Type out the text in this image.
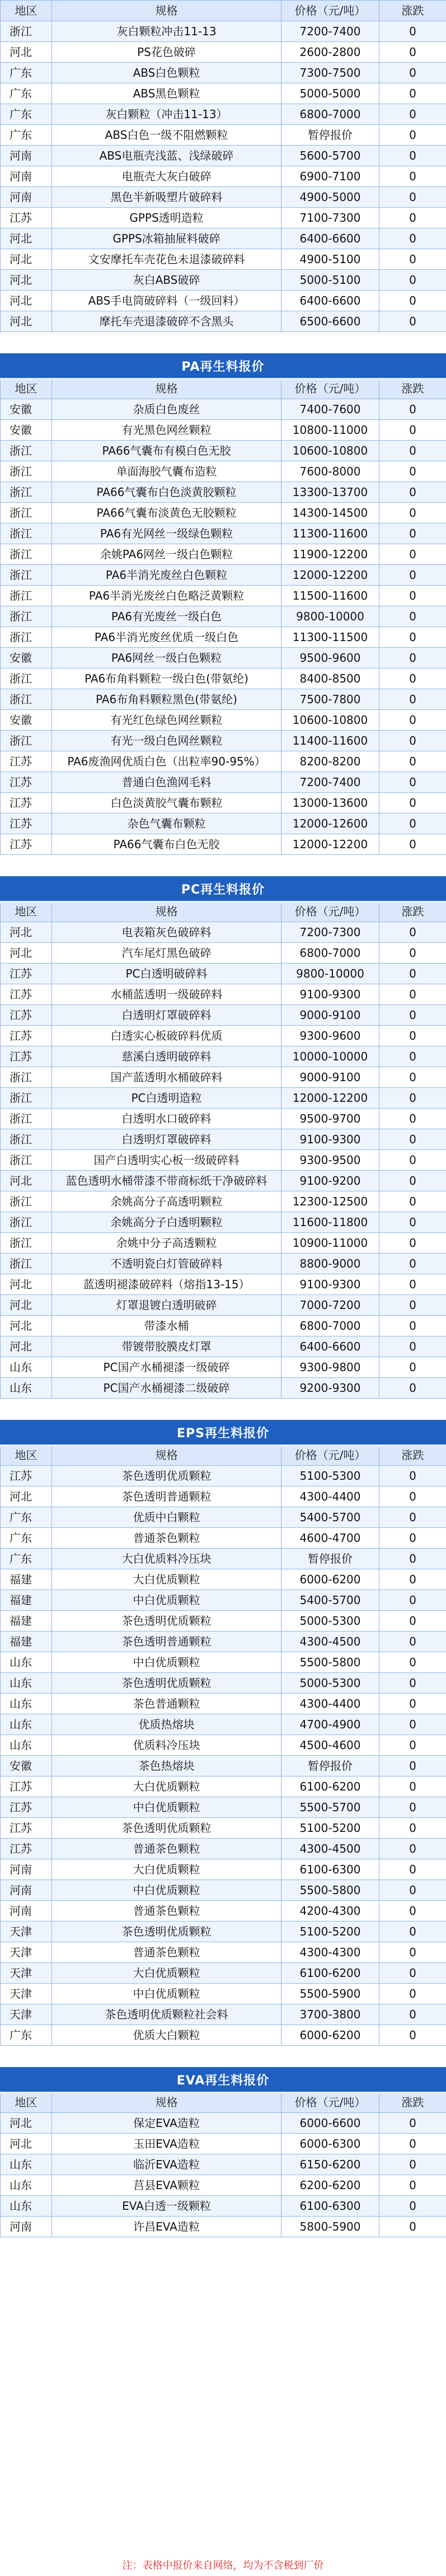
地区	规格	价格（元/吨）	涨跌
浙江	灰白颗粒冲击11-13	7200-7400	0
河北	PS花色破碎	2600-2800	0
广东	ABS白色颗粒	7300-7500	0
广东	ABS黑色颗粒	5000-5000	0
广东	灰白颗粒（冲击11-13）	6800-7000	0
广东	ABS白色一级不阻燃颗粒	暂停报价	0
河南	ABS电瓶壳浅蓝、浅绿破碎	5600-5700	0
河南	电瓶壳大灰白破碎	6900-7100	0
河南	黑色半新吸塑片破碎料	4900-5000	0
江苏	GPPS透明造粒	7100-7300	0
河北	GPPS冰箱抽屉料破碎	6400-6600	0
河北	文安摩托车壳花色未退漆破碎料	4900-5100	0
河北	灰白ABS破碎	5000-5100	0
河北	ABS手电筒破碎料（一级回料）	6400-6600	0
河北	摩托车壳退漆破碎不含黑头	6500-6600	0
PA再生料报价
地区	规格	价格（元/吨）	涨跌
安徽	杂质白色废丝	7400-7600	0
安徽	有光黑色网丝颗粒	10800-11000	0
浙江	PA66气囊布有模白色无胶	10600-10800	0
浙江	单面海胶气囊布造粒	7600-8000	0
浙江	PA66气囊布白色淡黄胶颗粒	13300-13700	0
浙江	PA66气囊布淡黄色无胶颗粒	14300-14500	0
浙江	PA6有光网丝一级绿色颗粒	11300-11600	0
浙江	余姚PA6网丝一级白色颗粒	11900-12200	0
浙江	PA6半消光废丝白色颗粒	12000-12200	0
浙江	PA6半消光废丝白色略泛黄颗粒	11500-11600	0
浙江	PA6有光废丝一级白色	9800-10000	0
浙江	PA6半消光废丝优质一级白色	11300-11500	0
安徽	PA6网丝一级白色颗粒	9500-9600	0
浙江	PA6布角料颗粒一级白色(带氨纶)	8400-8500	0
浙江	PA6布角料颗粒黑色(带氨纶)	7500-7800	0
安徽	有光红色绿色网丝颗粒	10600-10800	0
浙江	有光一级白色网丝颗粒	11400-11600	0
江苏	PA6废渔网优质白色（出粒率90-95%）	8200-8200	0
江苏	普通白色渔网毛料	7200-7400	0
江苏	白色淡黄胶气囊布颗粒	13000-13600	0
江苏	杂色气囊布颗粒	12000-12600	0
江苏	PA66气囊布白色无胶	12000-12200	0
PC再生料报价
地区	规格	价格（元/吨）	涨跌
河北	电表箱灰色破碎料	7200-7300	0
河北	汽车尾灯黑色破碎	6800-7000	0
江苏	PC白透明破碎料	9800-10000	0
江苏	水桶蓝透明一级破碎料	9100-9300	0
江苏	白透明灯罩破碎料	9000-9100	0
江苏	白透实心板破碎料优质	9300-9600	0
江苏	慈溪白透明破碎料	10000-10000	0
浙江	国产蓝透明水桶破碎料	9000-9100	0
浙江	PC白透明造粒	12000-12200	0
浙江	白透明水口破碎料	9500-9700	0
浙江	白透明灯罩破碎料	9100-9300	0
浙江	国产白透明实心板一级破碎料	9300-9500	0
河北	蓝色透明水桶带漆不带商标纸干净破碎料	9100-9200	0
浙江	余姚高分子高透明颗粒	12300-12500	0
浙江	余姚高分子白透明颗粒	11600-11800	0
浙江	余姚中分子高透颗粒	10900-11000	0
浙江	不透明瓷白灯管破碎料	8800-9000	0
河北	蓝透明褪漆破碎料（熔指13-15）	9100-9300	0
河北	灯罩退镀白透明破碎	7000-7200	0
河北	带漆水桶	6800-7000	0
河北	带镀带胶膜皮灯罩	6400-6600	0
山东	PC国产水桶褪漆一级破碎	9300-9800	0
山东	PC国产水桶褪漆二级破碎	9200-9300	0
EPS再生料报价
地区	规格	价格（元/吨）	涨跌
江苏	茶色透明优质颗粒	5100-5300	0
河北	茶色透明普通颗粒	4300-4400	0
广东	优质中白颗粒	5400-5700	0
广东	普通茶色颗粒	4600-4700	0
广东	大白优质料冷压块	暂停报价	0
福建	大白优质颗粒	6000-6200	0
福建	中白优质颗粒	5400-5700	0
福建	茶色透明优质颗粒	5000-5300	0
福建	茶色透明普通颗粒	4300-4500	0
山东	中白优质颗粒	5500-5800	0
山东	茶色透明优质颗粒	5000-5300	0
山东	茶色普通颗粒	4300-4400	0
山东	优质热熔块	4700-4900	0
山东	优质料冷压块	4500-4600	0
安徽	茶色热熔块	暂停报价	0
江苏	大白优质颗粒	6100-6200	0
江苏	中白优质颗粒	5500-5700	0
江苏	茶色透明优质颗粒	5100-5200	0
江苏	普通茶色颗粒	4300-4500	0
河南	大白优质颗粒	6100-6300	0
河南	中白优质颗粒	5500-5800	0
河南	普通茶色颗粒	4200-4300	0
天津	茶色透明优质颗粒	5100-5200	0
天津	普通茶色颗粒	4300-4300	0
天津	大白优质颗粒	6100-6200	0
天津	中白优质颗粒	5500-5900	0
天津	茶色透明优质颗粒社会料	3700-3800	0
广东	优质大白颗粒	6000-6200	0
EVA再生料报价
地区	规格	价格（元/吨）	涨跌
河北	保定EVA造粒	6000-6600	0
河北	玉田EVA造粒	6000-6300	0
山东	临沂EVA造粒	6150-6200	0
山东	莒县EVA颗粒	6200-6200	0
山东	EVA白透一级颗粒	6100-6300	0
河南	许昌EVA造粒	5800-5900	0
注：表格中报价来自网络，均为不含税到厂价
